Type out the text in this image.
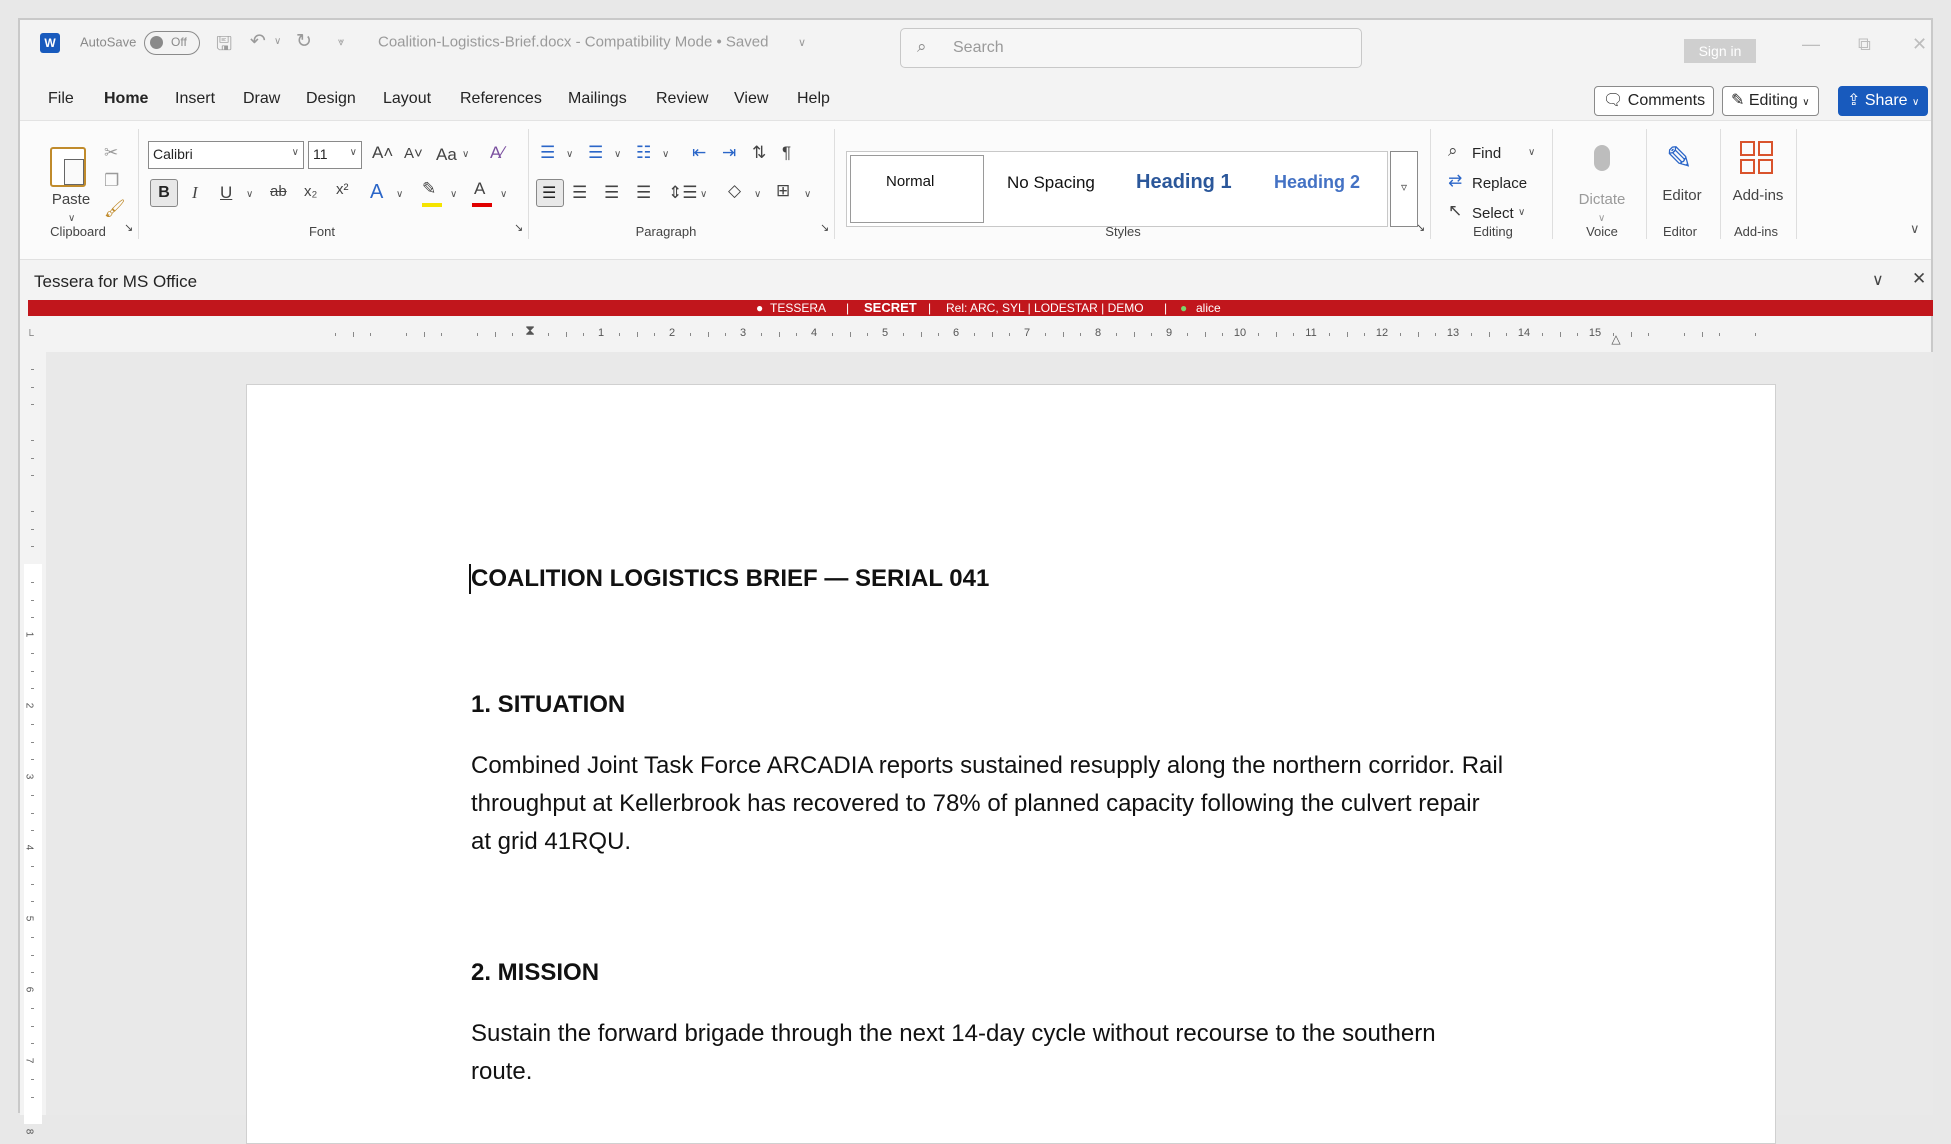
W	AutoSave	Off 🖫 ↶ ∨ ↻ ⩔ Coalition-Logistics-Brief.docx - Compatibility Mode • Saved	∨	⌕ Search	Sign in	— ⧉ ✕
File Home Insert Draw Design Layout References Mailings Review View Help	🗨 Comments	✎ Editing ∨	⇪ Share ∨
Paste
∨
✂
❐
🖌
Clipboard ↘
Calibri	∨	11 ∨ A˄ A˅ Aa ∨ A∕
B	I U ∨ ab x₂ x² A ∨ ✎ ∨ A ∨
Font	↘
☰ ∨ ☰ ∨ ☷ ∨ ⇤ ⇥ ⇅ ¶
☰ ☰ ☰ ☰ ⇕☰ ∨ ◇ ∨ ⊞ ∨
Paragraph	↘
Normal	No Spacing Heading 1 Heading 2	▿
Styles	↘
⌕ Find	∨
⇄ Replace
↖ Select ∨
Editing
Dictate
∨
Voice
✎
Editor
Editor
Add-ins
Add-ins	∨
Tessera for MS Office	∨ ✕
● TESSERA | SECRET | Rel: ARC, SYL | LODESTAR | DEMO | ● alice
└	1	2	3	4	5	6	7	8	9	10	11	12	13	14	15
⧗
△
1
2
3
4
5
6
7
8
COALITION LOGISTICS BRIEF — SERIAL 041
1. SITUATION
Combined Joint Task Force ARCADIA reports sustained resupply along the northern corridor. Rail
throughput at Kellerbrook has recovered to 78% of planned capacity following the culvert repair
at grid 41RQU.
2. MISSION
Sustain the forward brigade through the next 14-day cycle without recourse to the southern
route.
